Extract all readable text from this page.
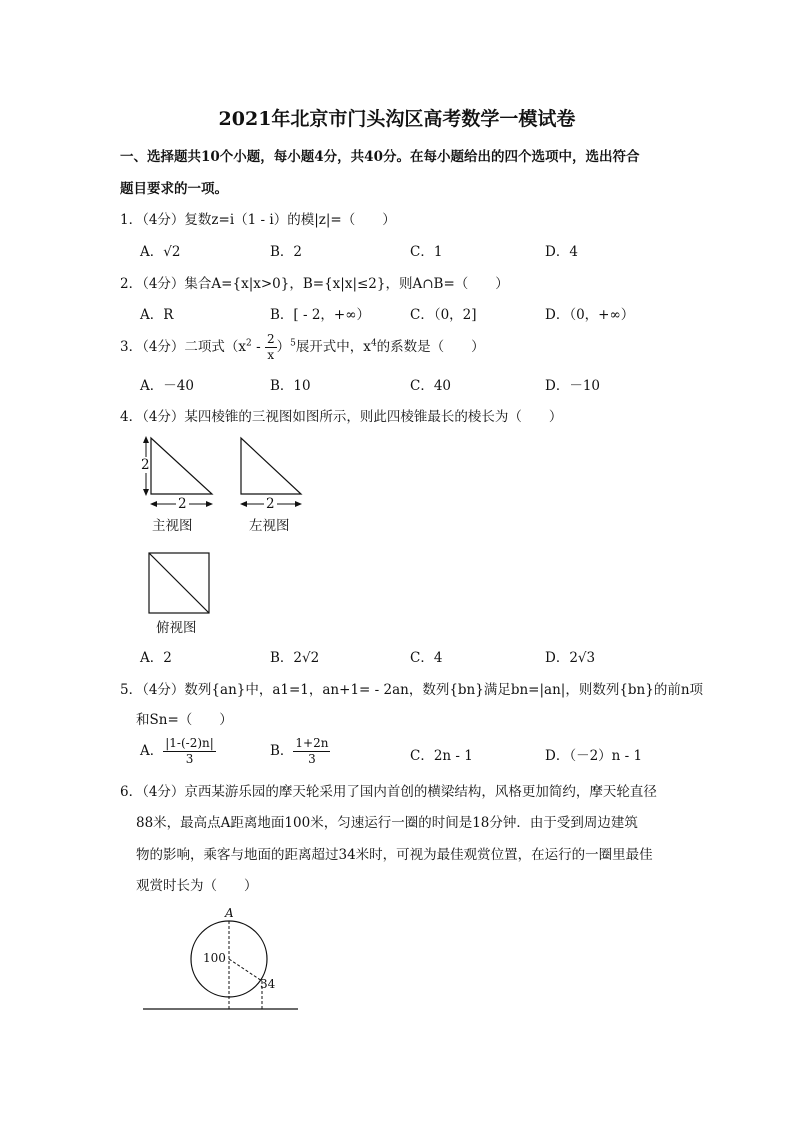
2021年北京市门头沟区高考数学一模试卷
一、选择题共10个小题，每小题4分，共40分。在每小题给出的四个选项中，选出符合
题目要求的一项。
1．（4分）复数z=i（1 - i）的模|z|=（　　）
A．√2	B．2	C．1	D．4
2．（4分）集合A={x|x>0}，B={x|x|≤2}，则A∩B=（　　）
A．R	B．[ - 2，+∞）	C．（0，2]	D．（0，+∞）
3．（4分）二项式$(x^2 - \frac{2}{x} )^5$展开式中，$x^4$的系数是（　　）
A．－40	B．10	C．40	D．－10
4．（4分）某四棱锥的三视图如图所示，则此四棱锥最长的棱长为（　　）
2
2
主视图
2
左视图
俯视图
A．2	B．2√2	C．4	D．2√3
5．（4分）数列{an}中，a1=1，an+1= - 2an，数列{bn}满足bn=|an|，则数列{bn}的前n项
和Sn=（　　）
A． $\frac{|1-(-2)n|}{3}$	B． $\frac{1+2n}{3}$	C．2n - 1	D．（－2）n - 1
6．（4分）京西某游乐园的摩天轮采用了国内首创的横梁结构，风格更加简约，摩天轮直径
88米，最高点A距离地面100米，匀速运行一圈的时间是18分钟．由于受到周边建筑
物的影响，乘客与地面的距离超过34米时，可视为最佳观赏位置，在运行的一圈里最佳
观赏时长为（　　）
A
100
34
